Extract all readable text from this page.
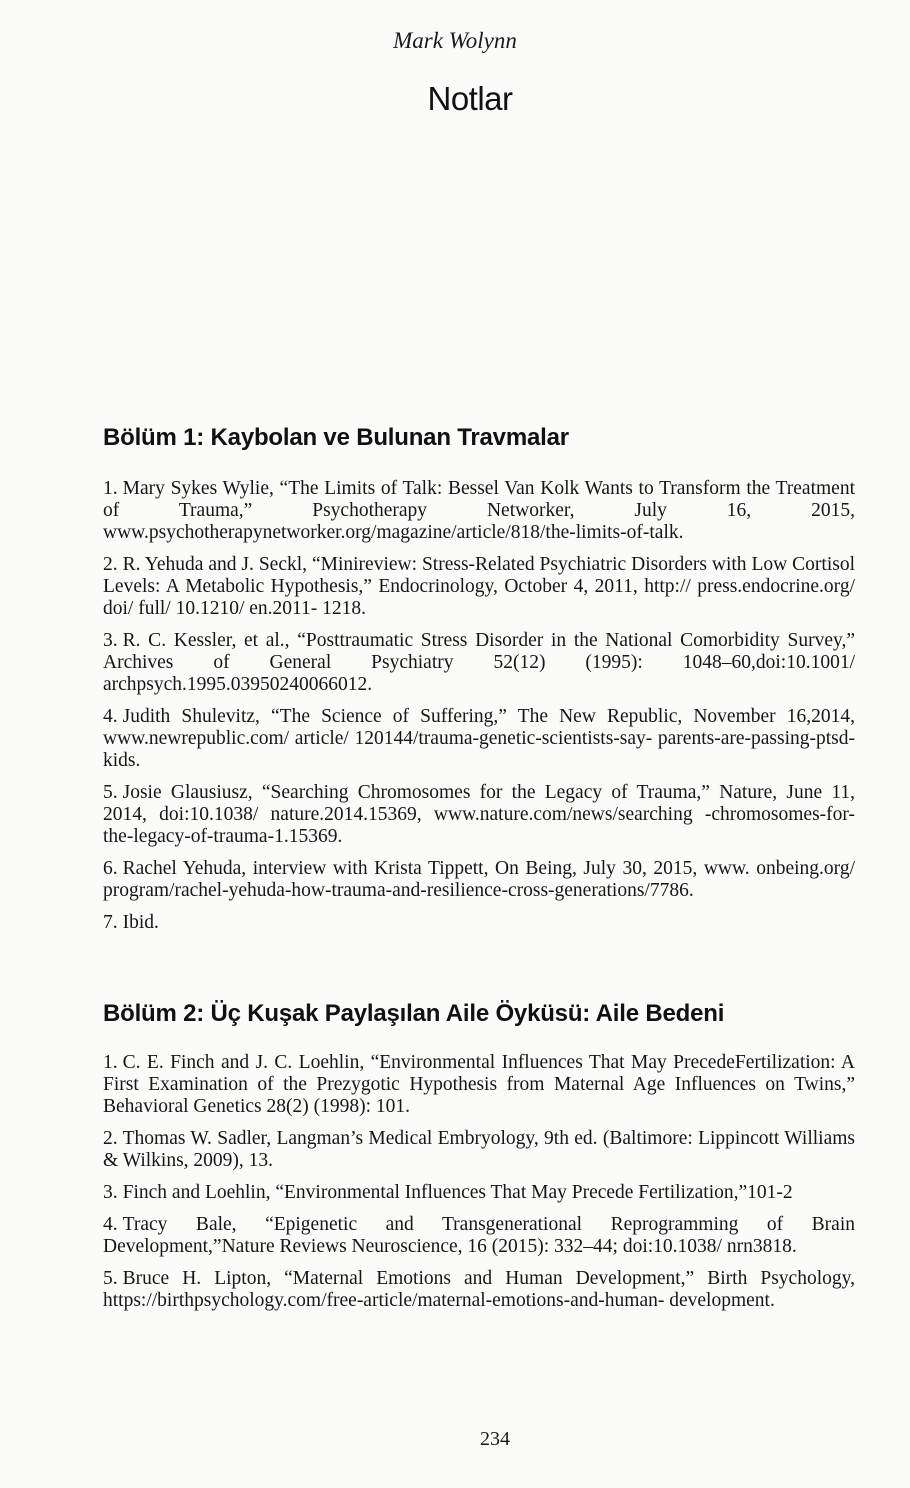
Mark Wolynn
Notlar
Bölüm 1: Kaybolan ve Bulunan Travmalar

1. Mary Sykes Wylie, “The Limits of Talk: Bessel Van Kolk Wants to Transform the Treatment of Trauma,” Psychotherapy Networker, July 16, 2015, www.psychotherapynetworker.org/magazine/article/818/the-limits-of-talk.

2. R. Yehuda and J. Seckl, “Minireview: Stress-Related Psychiatric Disorders with Low Cortisol Levels: A Metabolic Hypothesis,” Endocrinology, October 4, 2011, http:// press.endocrine.org/ doi/ full/ 10.1210/ en.2011- 1218.

3. R. C. Kessler, et al., “Posttraumatic Stress Disorder in the National Comorbidity Survey,” Archives of General Psychiatry 52(12) (1995): 1048–60,doi:10.1001/ archpsych.1995.03950240066012.

4. Judith Shulevitz, “The Science of Suffering,” The New Republic, November 16,2014, www.newrepublic.com/ article/ 120144/trauma-genetic-scientists-say- parents-are-passing-ptsd-kids.

5. Josie Glausiusz, “Searching Chromosomes for the Legacy of Trauma,” Nature, June 11, 2014, doi:10.1038/ nature.2014.15369, www.nature.com/news/searching -chromosomes-for-the-legacy-of-trauma-1.15369.

6. Rachel Yehuda, interview with Krista Tippett, On Being, July 30, 2015, www. onbeing.org/ program/rachel-yehuda-how-trauma-and-resilience-cross-generations/7786.

7. Ibid.

Bölüm 2: Üç Kuşak Paylaşılan Aile Öyküsü: Aile Bedeni

1. C. E. Finch and J. C. Loehlin, “Environmental Influences That May PrecedeFertilization: A First Examination of the Prezygotic Hypothesis from Maternal Age Influences on Twins,” Behavioral Genetics 28(2) (1998): 101.

2. Thomas W. Sadler, Langman’s Medical Embryology, 9th ed. (Baltimore: Lippincott Williams & Wilkins, 2009), 13.

3. Finch and Loehlin, “Environmental Influences That May Precede Fertilization,”101-2

4. Tracy Bale, “Epigenetic and Transgenerational Reprogramming of Brain Development,”Nature Reviews Neuroscience, 16 (2015): 332–44; doi:10.1038/ nrn3818.

5. Bruce H. Lipton, “Maternal Emotions and Human Development,” Birth Psychology, https://birthpsychology.com/free-article/maternal-emotions-and-human- development.

234
